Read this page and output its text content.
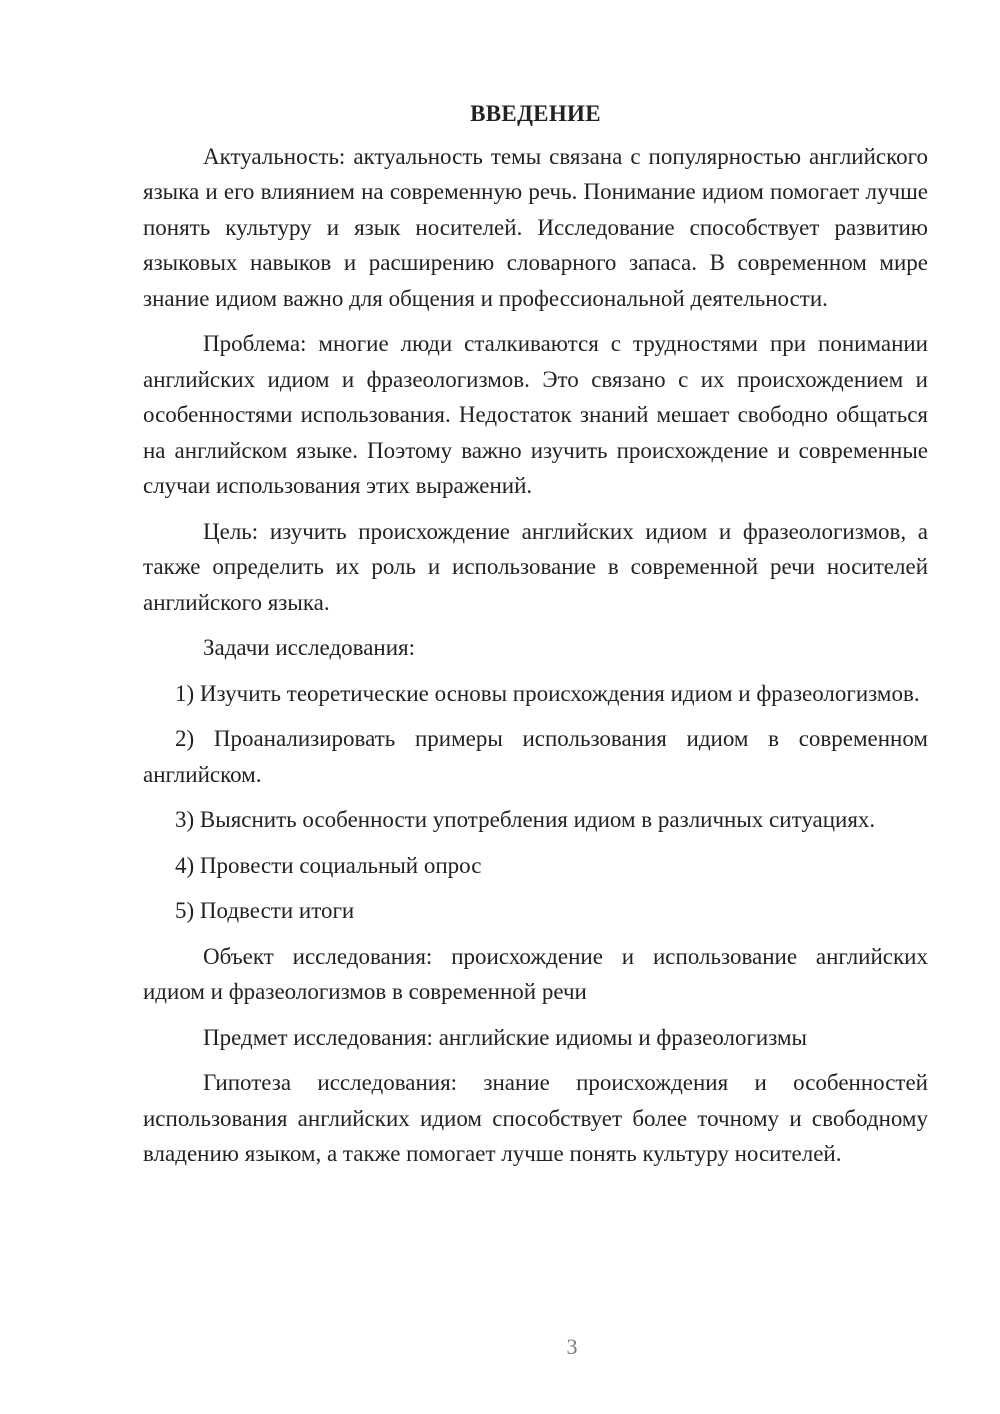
ВВЕДЕНИЕ

Актуальность: актуальность темы связана с популярностью английского языка и его влиянием на современную речь. Понимание идиом помогает лучше понять культуру и язык носителей. Исследование способствует развитию языковых навыков и расширению словарного запаса. В современном мире знание идиом важно для общения и профессиональной деятельности.

Проблема: многие люди сталкиваются с трудностями при понимании английских идиом и фразеологизмов. Это связано с их происхождением и особенностями использования. Недостаток знаний мешает свободно общаться на английском языке. Поэтому важно изучить происхождение и современные случаи использования этих выражений.

Цель: изучить происхождение английских идиом и фразеологизмов, а также определить их роль и использование в современной речи носителей английского языка.

Задачи исследования:

1) Изучить теоретические основы происхождения идиом и фразеологизмов.

2) Проанализировать примеры использования идиом в современном английском.

3) Выяснить особенности употребления идиом в различных ситуациях.

4) Провести социальный опрос

5) Подвести итоги

Объект исследования: происхождение и использование английских идиом и фразеологизмов в современной речи

Предмет исследования: английские идиомы и фразеологизмы

Гипотеза исследования: знание происхождения и особенностей использования английских идиом способствует более точному и свободному владению языком, а также помогает лучше понять культуру носителей.

3
